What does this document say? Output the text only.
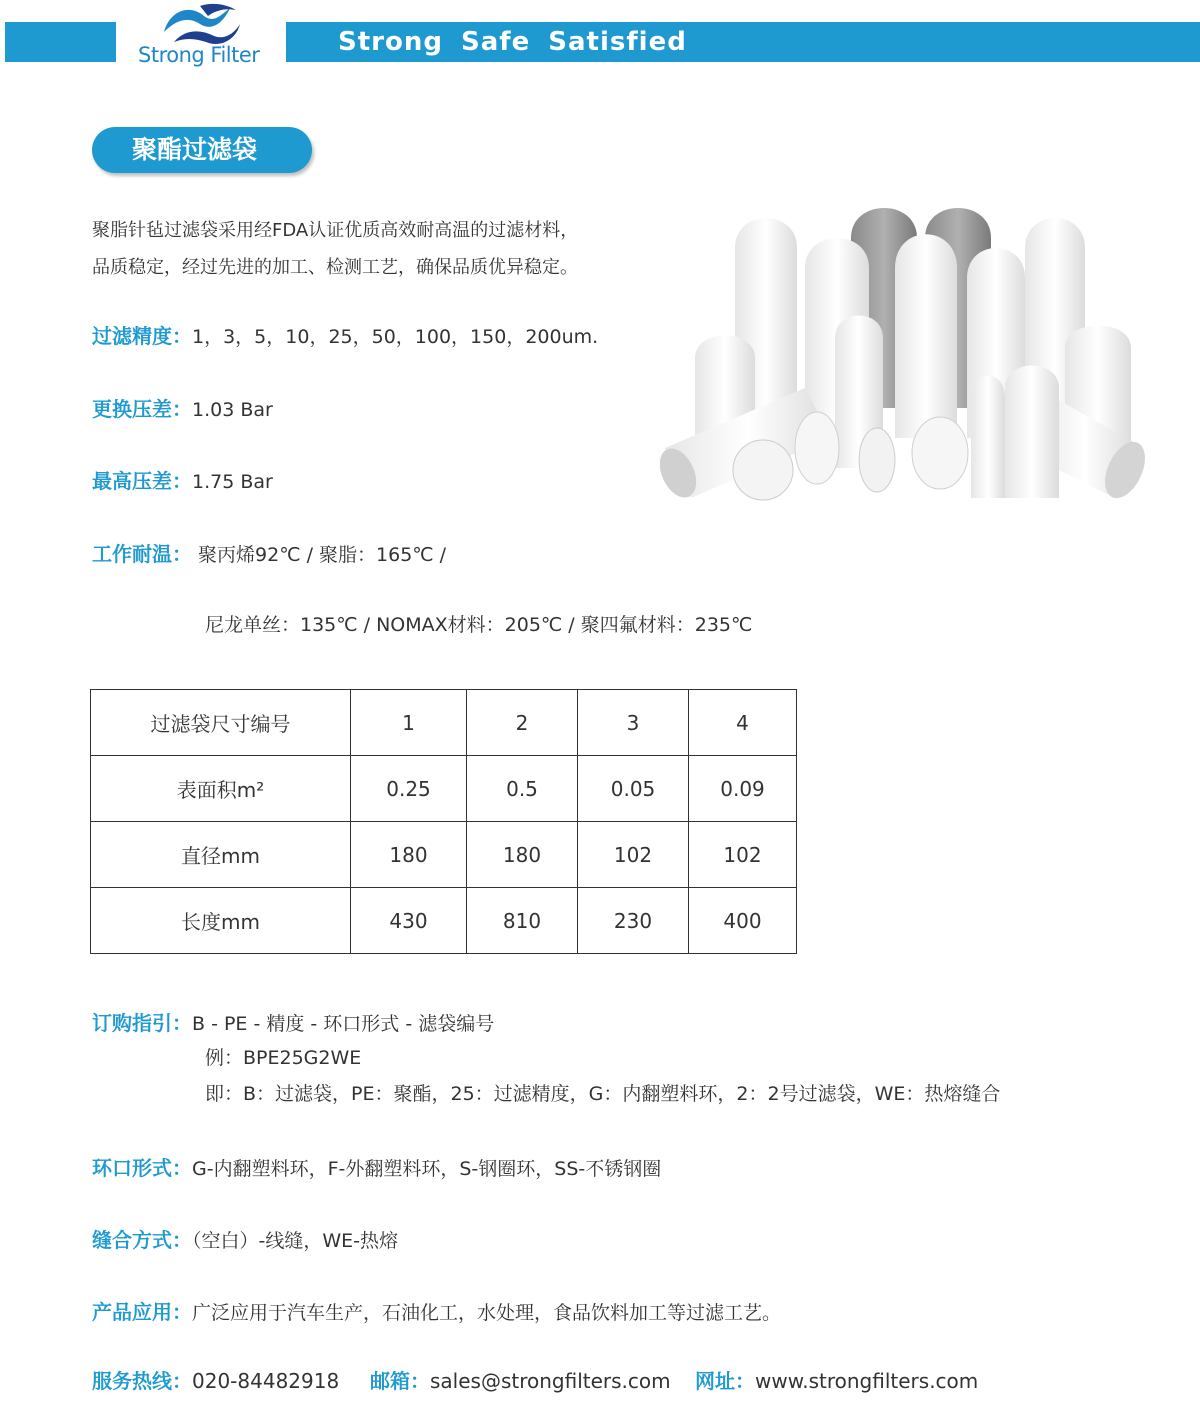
Strong Safe Satisfied
Strong Filter
聚酯过滤袋
聚脂针毡过滤袋采用经FDA认证优质高效耐高温的过滤材料，
品质稳定，经过先进的加工、检测工艺，确保品质优异稳定。
过滤精度：1，3，5，10，25，50，100，150，200um.
更换压差：1.03 Bar
最高压差：1.75 Bar
工作耐温： 聚丙烯92℃ / 聚脂：165℃ /
尼龙单丝：135℃ / NOMAX材料：205℃ / 聚四氟材料：235℃
过滤袋尺寸编号	1	2	3	4
表面积m²	0.25	0.5	0.05	0.09
直径mm	180	180	102	102
长度mm	430	810	230	400
订购指引：B - PE - 精度 - 环口形式 - 滤袋编号
例：BPE25G2WE
即：B：过滤袋，PE：聚酯，25：过滤精度，G：内翻塑料环，2：2号过滤袋，WE：热熔缝合
环口形式：G-内翻塑料环，F-外翻塑料环，S-钢圈环，SS-不锈钢圈
缝合方式：（空白）-线缝，WE-热熔
产品应用：广泛应用于汽车生产，石油化工，水处理，食品饮料加工等过滤工艺。
服务热线：020-84482918 邮箱：sales@strongfilters.com 网址：www.strongfilters.com
